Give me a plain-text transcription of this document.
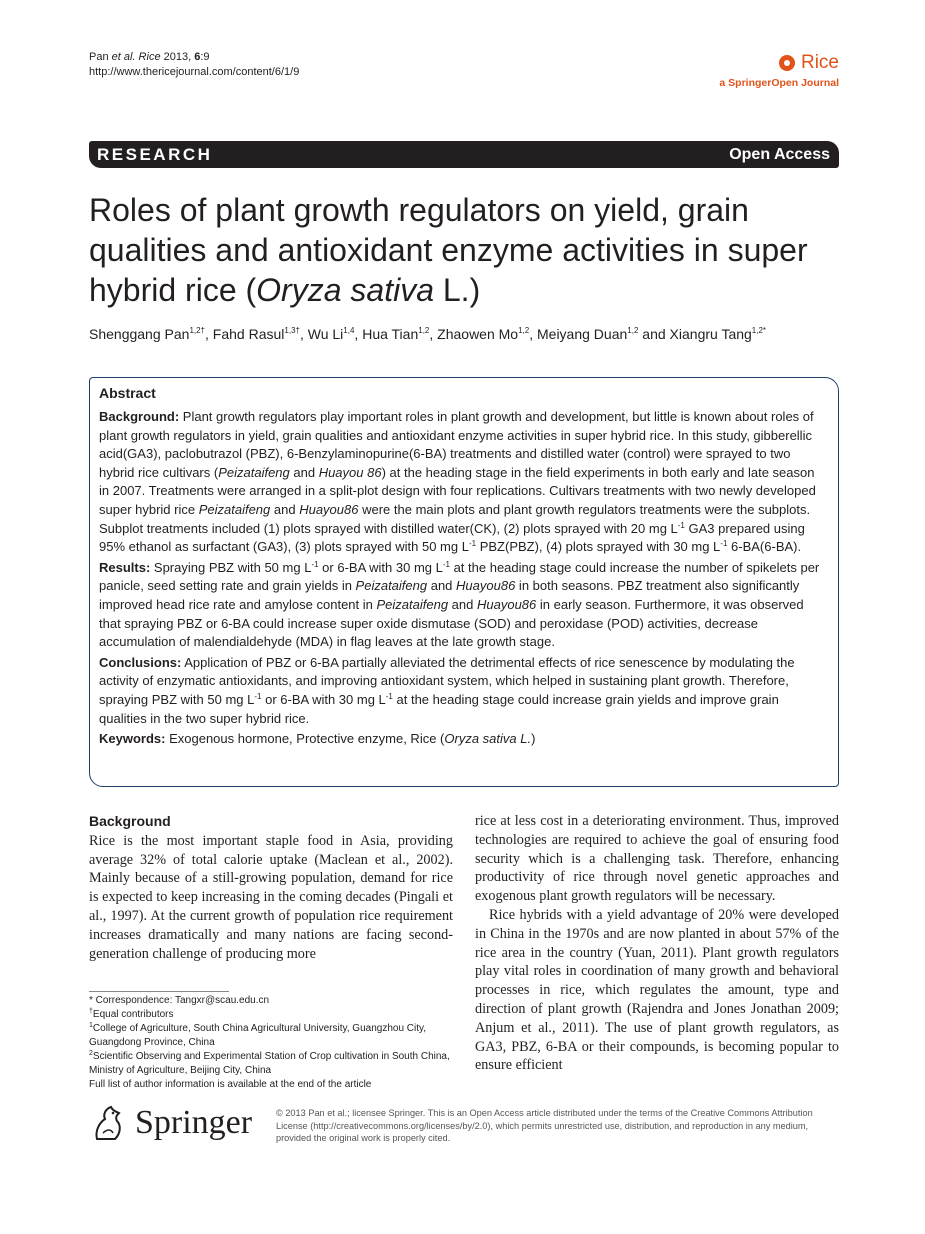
Pan et al. Rice 2013, 6:9
http://www.thericejournal.com/content/6/1/9	Rice
a SpringerOpen Journal
RESEARCH	Open Access
Roles of plant growth regulators on yield, grain qualities and antioxidant enzyme activities in super hybrid rice (Oryza sativa L.)
Shenggang Pan$^{1,2\dagger}$, Fahd Rasul$^{1,3\dagger}$, Wu Li$^{1,4}$, Hua Tian$^{1,2}$, Zhaowen Mo$^{1,2}$, Meiyang Duan$^{1,2}$ and Xiangru Tang$^{1,2*}$
Abstract

Background: Plant growth regulators play important roles in plant growth and development, but little is known about roles of plant growth regulators in yield, grain qualities and antioxidant enzyme activities in super hybrid rice. In this study, gibberellic acid(GA3), paclobutrazol (PBZ), 6-Benzylaminopurine(6-BA) treatments and distilled water (control) were sprayed to two hybrid rice cultivars (Peizataifeng and Huayou 86) at the heading stage in the field experiments in both early and late season in 2007. Treatments were arranged in a split-plot design with four replications. Cultivars treatments with two newly developed super hybrid rice Peizataifeng and Huayou86 were the main plots and plant growth regulators treatments were the subplots. Subplot treatments included (1) plots sprayed with distilled water(CK), (2) plots sprayed with 20 mg $L^{-1}$ GA3 prepared using 95% ethanol as surfactant (GA3), (3) plots sprayed with 50 mg $L^{-1}$ PBZ(PBZ), (4) plots sprayed with 30 mg $L^{-1}$ 6-BA(6-BA).

Results: Spraying PBZ with 50 mg $L^{-1}$ or 6-BA with 30 mg $L^{-1}$ at the heading stage could increase the number of spikelets per panicle, seed setting rate and grain yields in Peizataifeng and Huayou86 in both seasons. PBZ treatment also significantly improved head rice rate and amylose content in Peizataifeng and Huayou86 in early season. Furthermore, it was observed that spraying PBZ or 6-BA could increase super oxide dismutase (SOD) and peroxidase (POD) activities, decrease accumulation of malendialdehyde (MDA) in flag leaves at the late growth stage.

Conclusions: Application of PBZ or 6-BA partially alleviated the detrimental effects of rice senescence by modulating the activity of enzymatic antioxidants, and improving antioxidant system, which helped in sustaining plant growth. Therefore, spraying PBZ with 50 mg $L^{-1}$ or 6-BA with 30 mg $L^{-1}$ at the heading stage could increase grain yields and improve grain qualities in the two super hybrid rice.

Keywords: Exogenous hormone, Protective enzyme, Rice (Oryza sativa L.)

Background

Rice is the most important staple food in Asia, providing average 32% of total calorie uptake (Maclean et al., 2002). Mainly because of a still-growing population, demand for rice is expected to keep increasing in the coming decades (Pingali et al., 1997). At the current growth of population rice requirement increases dramatically and many nations are facing second-generation challenge of producing more

rice at less cost in a deteriorating environment. Thus, improved technologies are required to achieve the goal of ensuring food security which is a challenging task. Therefore, enhancing productivity of rice through novel genetic approaches and exogenous plant growth regulators will be necessary.

Rice hybrids with a yield advantage of 20% were developed in China in the 1970s and are now planted in about 57% of the rice area in the country (Yuan, 2011). Plant growth regulators play vital roles in coordination of many growth and behavioral processes in rice, which regulates the amount, type and direction of plant growth (Rajendra and Jones Jonathan 2009; Anjum et al., 2011). The use of plant growth regulators, as GA3, PBZ, 6-BA or their compounds, is becoming popular to ensure efficient

* Correspondence: Tangxr@scau.edu.cn
†Equal contributors
$^1$College of Agriculture, South China Agricultural University, Guangzhou City, Guangdong Province, China
$^2$Scientific Observing and Experimental Station of Crop cultivation in South China, Ministry of Agriculture, Beijing City, China
Full list of author information is available at the end of the article
Springer	© 2013 Pan et al.; licensee Springer. This is an Open Access article distributed under the terms of the Creative Commons Attribution License (http://creativecommons.org/licenses/by/2.0), which permits unrestricted use, distribution, and reproduction in any medium, provided the original work is properly cited.
